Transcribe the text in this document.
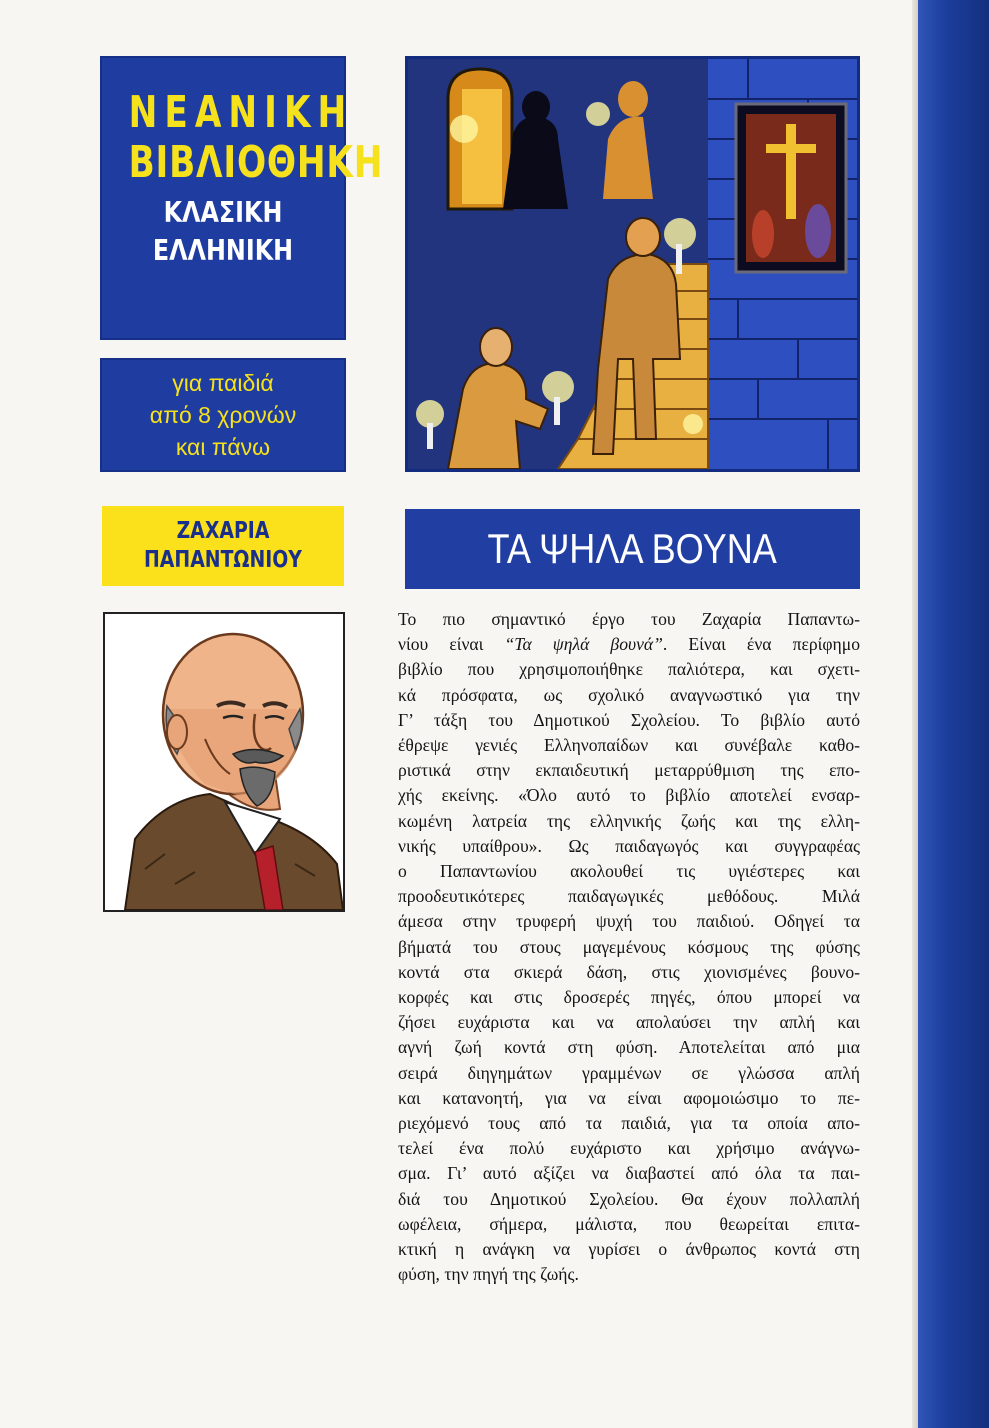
ΝΕΑΝΙΚΗ
ΒΙΒΛΙΟΘΗΚΗ
ΚΛΑΣΙΚΗ
ΕΛΛΗΝΙΚΗ
για παιδιά
από 8 χρονών
και πάνω
ΖΑΧΑΡΙΑ
ΠΑΠΑΝΤΩΝΙΟΥ	ΤΑ ΨΗΛΑ ΒΟΥΝΑ
Το πιο σημαντικό έργο του Ζαχαρία Παπαντω-
νίου είναι “Τα ψηλά βουνά”. Είναι ένα περίφημο
βιβλίο που χρησιμοποιήθηκε παλιότερα, και σχετι-
κά πρόσφατα, ως σχολικό αναγνωστικό για την
Γ’ τάξη του Δημοτικού Σχολείου. Το βιβλίο αυτό
έθρεψε γενιές Ελληνοπαίδων και συνέβαλε καθο-
ριστικά στην εκπαιδευτική μεταρρύθμιση της επο-
χής εκείνης. «Όλο αυτό το βιβλίο αποτελεί ενσαρ-
κωμένη λατρεία της ελληνικής ζωής και της ελλη-
νικής υπαίθρου». Ως παιδαγωγός και συγγραφέας
ο Παπαντωνίου ακολουθεί τις υγιέστερες και
προοδευτικότερες παιδαγωγικές μεθόδους. Μιλά
άμεσα στην τρυφερή ψυχή του παιδιού. Οδηγεί τα
βήματά του στους μαγεμένους κόσμους της φύσης
κοντά στα σκιερά δάση, στις χιονισμένες βουνο-
κορφές και στις δροσερές πηγές, όπου μπορεί να
ζήσει ευχάριστα και να απολαύσει την απλή και
αγνή ζωή κοντά στη φύση. Αποτελείται από μια
σειρά διηγημάτων γραμμένων σε γλώσσα απλή
και κατανοητή, για να είναι αφομοιώσιμο το πε-
ριεχόμενό τους από τα παιδιά, για τα οποία απο-
τελεί ένα πολύ ευχάριστο και χρήσιμο ανάγνω-
σμα. Γι’ αυτό αξίζει να διαβαστεί από όλα τα παι-
διά του Δημοτικού Σχολείου. Θα έχουν πολλαπλή
ωφέλεια, σήμερα, μάλιστα, που θεωρείται επιτα-
κτική η ανάγκη να γυρίσει ο άνθρωπος κοντά στη
φύση, την πηγή της ζωής.
